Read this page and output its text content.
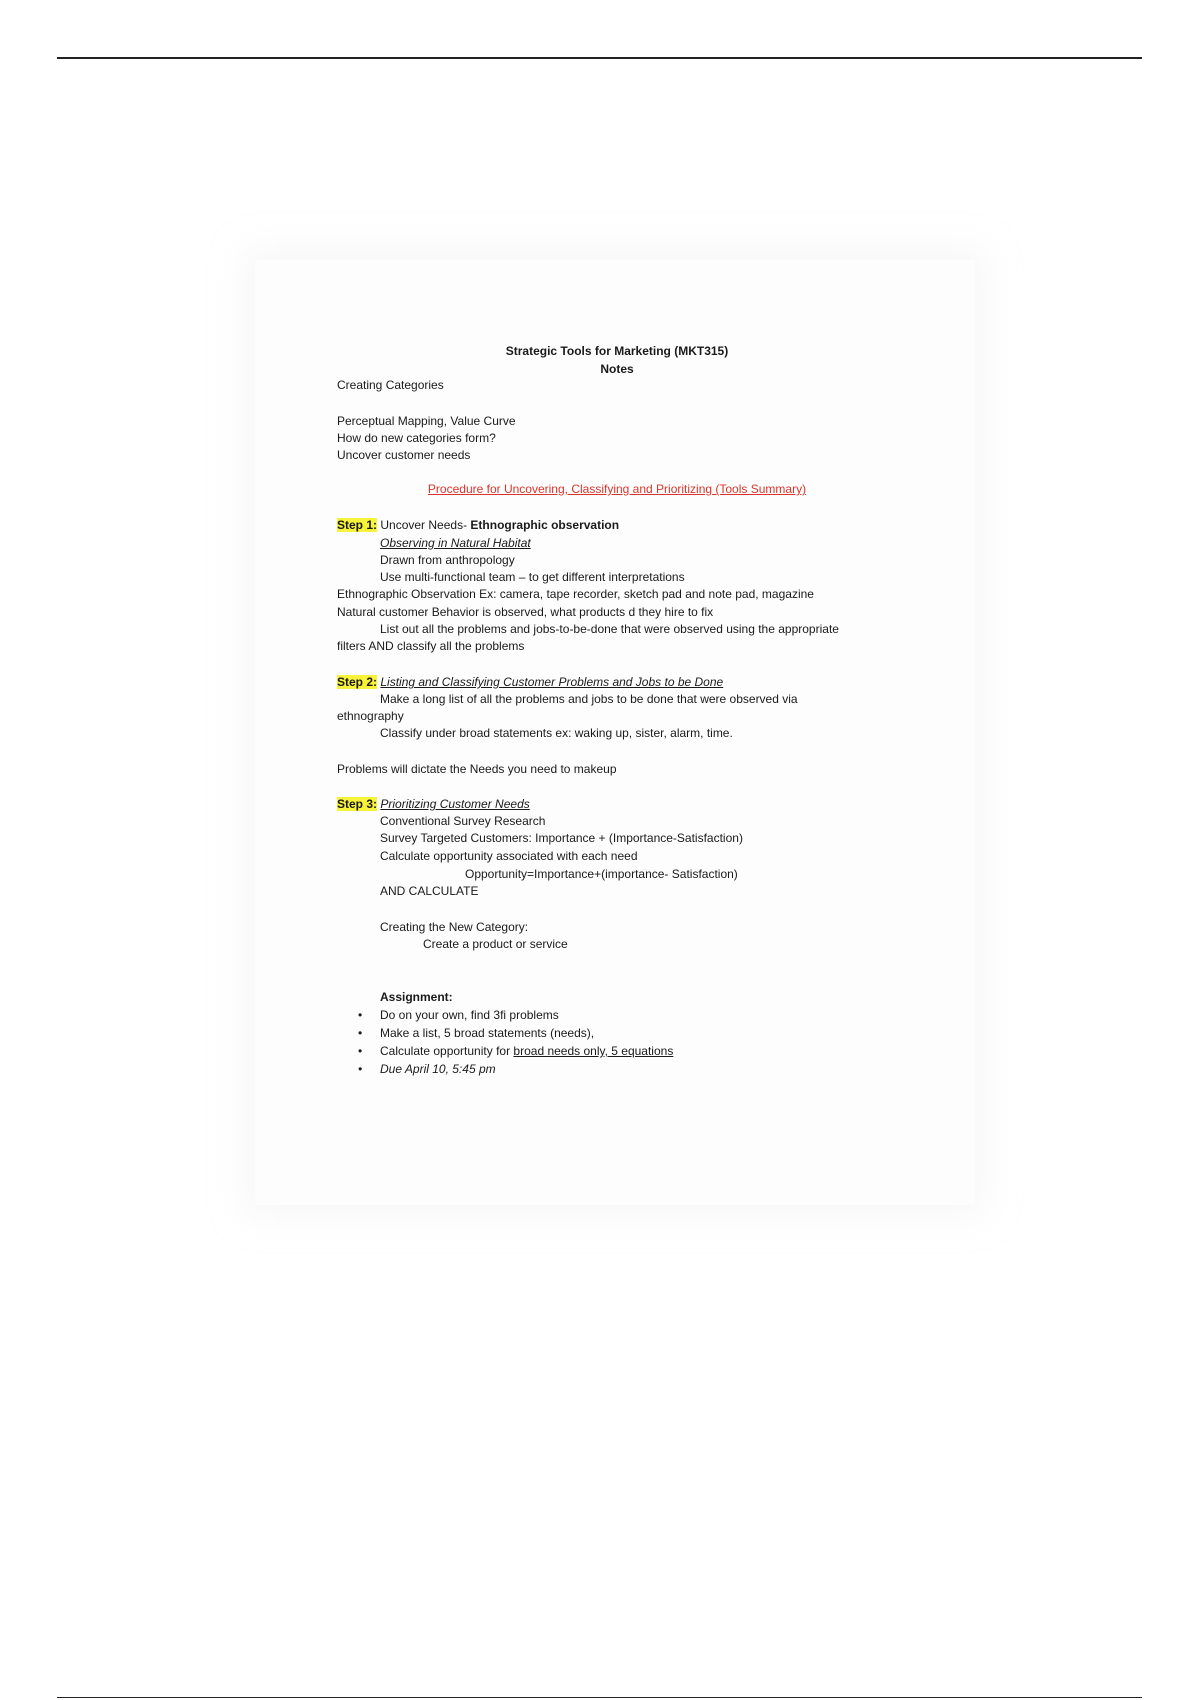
Strategic Tools for Marketing (MKT315)
Notes
Creating Categories
Perceptual Mapping, Value Curve
How do new categories form?
Uncover customer needs
Procedure for Uncovering, Classifying and Prioritizing (Tools Summary)
Step 1: Uncover Needs- Ethnographic observation
Observing in Natural Habitat
Drawn from anthropology
Use multi-functional team – to get different interpretations
Ethnographic Observation Ex: camera, tape recorder, sketch pad and note pad, magazine
Natural customer Behavior is observed, what products d they hire to fix
List out all the problems and jobs-to-be-done that were observed using the appropriate
filters AND classify all the problems
Step 2: Listing and Classifying Customer Problems and Jobs to be Done
Make a long list of all the problems and jobs to be done that were observed via
ethnography
Classify under broad statements ex: waking up, sister, alarm, time.
Problems will dictate the Needs you need to makeup
Step 3: Prioritizing Customer Needs
Conventional Survey Research
Survey Targeted Customers: Importance + (Importance-Satisfaction)
Calculate opportunity associated with each need
Opportunity=Importance+(importance- Satisfaction)
AND CALCULATE
Creating the New Category:
Create a product or service
Assignment:
• Do on your own, find 3fi problems
• Make a list, 5 broad statements (needs),
• Calculate opportunity for broad needs only, 5 equations
• Due April 10, 5:45 pm
